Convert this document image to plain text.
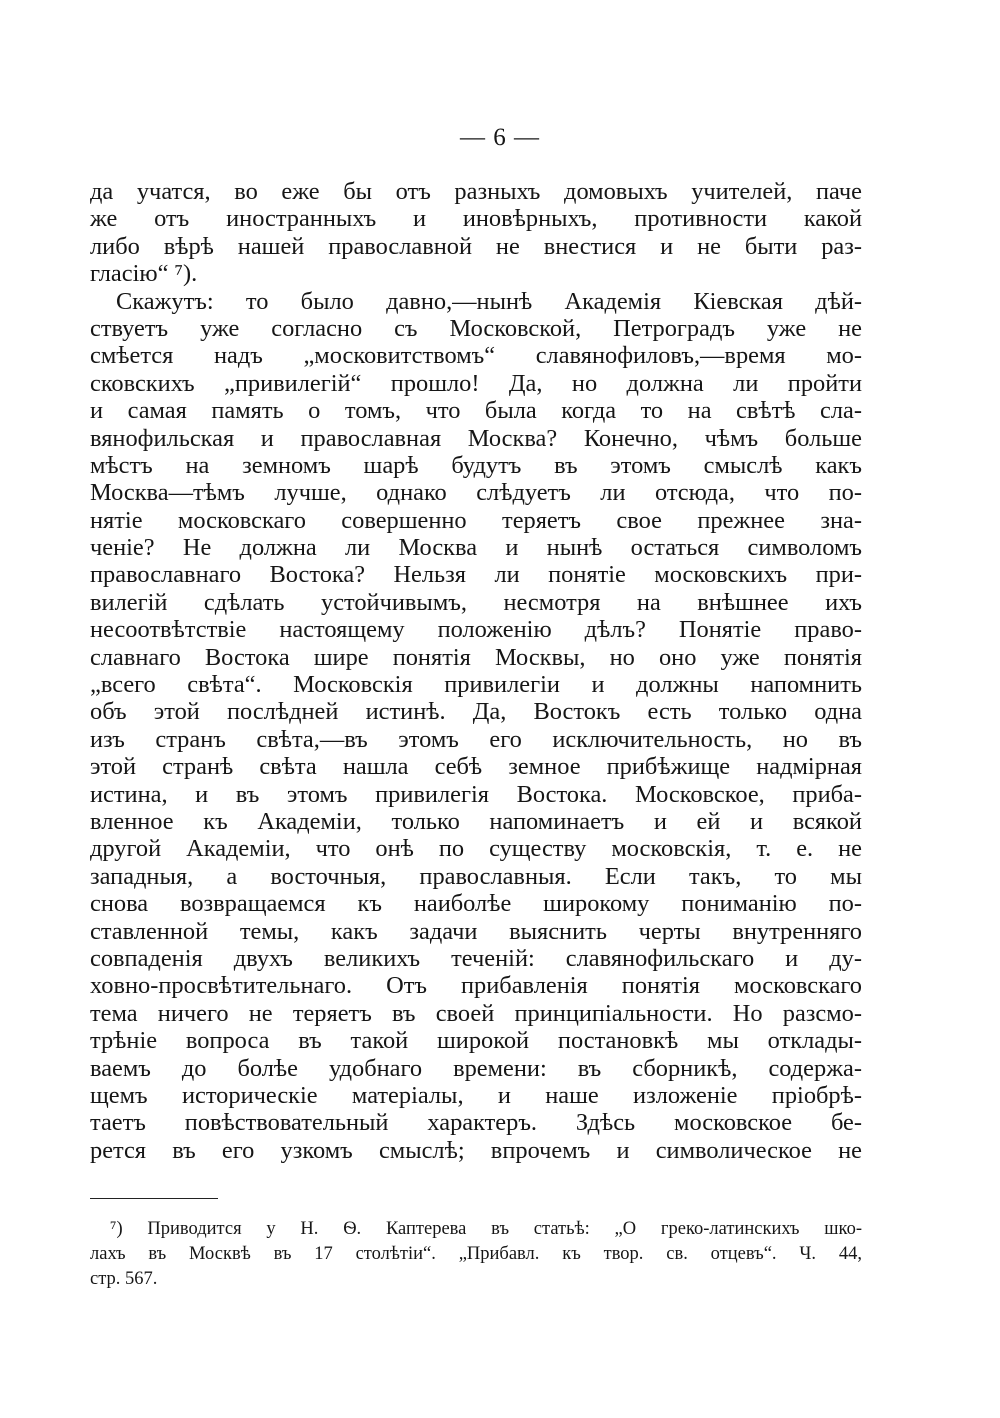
— 6 —
да учатся, во еже бы отъ разныхъ домовыхъ учителей, паче
же отъ иностранныхъ и иновѣрныхъ, противности какой
либо вѣрѣ нашей православной не внестися и не быти раз-
гласію“ ⁷).
Скажутъ: то было давно,—нынѣ Академія Кіевская дѣй-
ствуетъ уже согласно съ Московской, Петроградъ уже не
смѣется надъ „московитствомъ“ славянофиловъ,—время мо-
сковскихъ „привилегій“ прошло! Да, но должна ли пройти
и самая память о томъ, что была когда то на свѣтѣ сла-
вянофильская и православная Москва? Конечно, чѣмъ больше
мѣстъ на земномъ шарѣ будутъ въ этомъ смыслѣ какъ
Москва—тѣмъ лучше, однако слѣдуетъ ли отсюда, что по-
нятіе московскаго совершенно теряетъ свое прежнее зна-
ченіе? Не должна ли Москва и нынѣ остаться символомъ
православнаго Востока? Нельзя ли понятіе московскихъ при-
вилегій сдѣлать устойчивымъ, несмотря на внѣшнее ихъ
несоотвѣтствіе настоящему положенію дѣлъ? Понятіе право-
славнаго Востока шире понятія Москвы, но оно уже понятія
„всего свѣта“. Московскія привилегіи и должны напомнить
объ этой послѣдней истинѣ. Да, Востокъ есть только одна
изъ странъ свѣта,—въ этомъ его исключительность, но въ
этой странѣ свѣта нашла себѣ земное прибѣжище надмірная
истина, и въ этомъ привилегія Востока. Московское, приба-
вленное къ Академіи, только напоминаетъ и ей и всякой
другой Академіи, что онѣ по существу московскія, т. е. не
западныя, а восточныя, православныя. Если такъ, то мы
снова возвращаемся къ наиболѣе широкому пониманію по-
ставленной темы, какъ задачи выяснить черты внутренняго
совпаденія двухъ великихъ теченій: славянофильскаго и ду-
ховно-просвѣтительнаго. Отъ прибавленія понятія московскаго
тема ничего не теряетъ въ своей принципіальности. Но разсмо-
трѣніе вопроса въ такой широкой постановкѣ мы отклады-
ваемъ до болѣе удобнаго времени: въ сборникѣ, содержа-
щемъ историческіе матеріалы, и наше изложеніе пріобрѣ-
таетъ повѣствовательный характеръ. Здѣсь московское бе-
рется въ его узкомъ смыслѣ; впрочемъ и символическое не
⁷) Приводится у Н. Ѳ. Каптерева въ статьѣ: „О греко-латинскихъ шко-
лахъ въ Москвѣ въ 17 столѣтіи“. „Прибавл. къ твор. св. отцевъ“. Ч. 44,
стр. 567.
